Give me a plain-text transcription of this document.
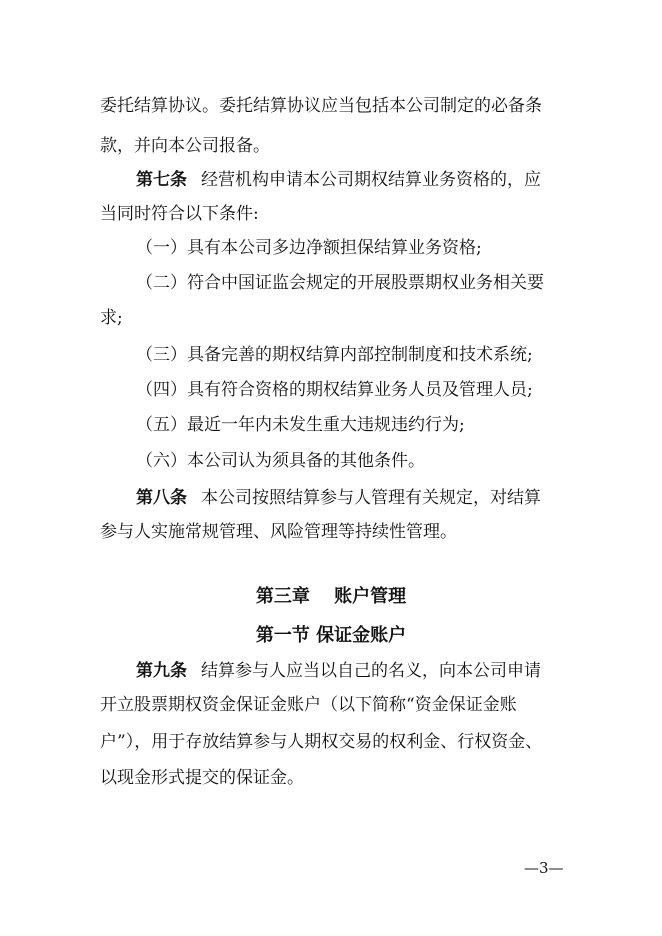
委托结算协议。委托结算协议应当包括本公司制定的必备条
款，并向本公司报备。
第七条 经营机构申请本公司期权结算业务资格的，应
当同时符合以下条件:
（一）具有本公司多边净额担保结算业务资格;
（二）符合中国证监会规定的开展股票期权业务相关要
求;
（三）具备完善的期权结算内部控制制度和技术系统;
（四）具有符合资格的期权结算业务人员及管理人员;
（五）最近一年内未发生重大违规违约行为;
（六）本公司认为须具备的其他条件。
第八条 本公司按照结算参与人管理有关规定，对结算
参与人实施常规管理、风险管理等持续性管理。
第三章　 账户管理
第一节 保证金账户
第九条 结算参与人应当以自己的名义，向本公司申请
开立股票期权资金保证金账户（以下简称“资金保证金账
户”），用于存放结算参与人期权交易的权利金、行权资金、
以现金形式提交的保证金。
—3—
